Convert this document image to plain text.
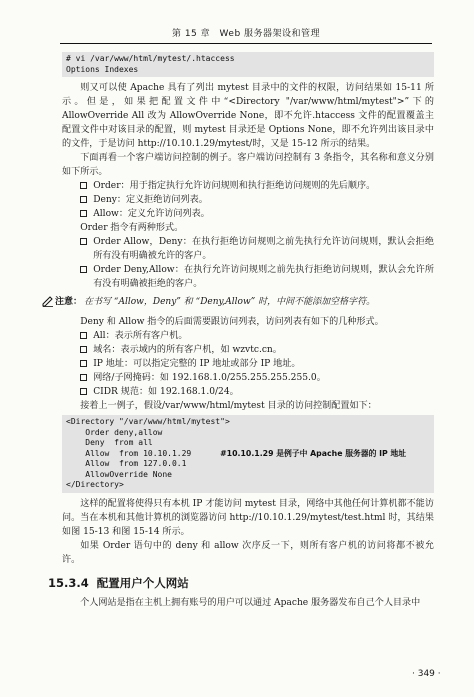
第 15 章 Web 服务器架设和管理
# vi /var/www/html/mytest/.htaccess
Options Indexes

则又可以使 Apache 具有了列出 mytest 目录中的文件的权限，访问结果如 15-11 所示。但是，如果把配置文件中“<Directory "/var/www/html/mytest">”下的 AllowOverride All 改为 AllowOverride None，即不允许.htaccess 文件的配置覆盖主配置文件中对该目录的配置，则 mytest 目录还是 Options None，即不允许列出该目录中的文件，于是访问 http://10.10.1.29/mytest/时，又是 15-12 所示的结果。

下面再看一个客户端访问控制的例子。客户端访问控制有 3 条指令，其名称和意义分别如下所示。

Order：用于指定执行允许访问规则和执行拒绝访问规则的先后顺序。
Deny：定义拒绝访问列表。
Allow：定义允许访问列表。

Order 指令有两种形式。

Order Allow，Deny：在执行拒绝访问规则之前先执行允许访问规则，默认会拒绝所有没有明确被允许的客户。
Order Deny,Allow：在执行允许访问规则之前先执行拒绝访问规则，默认会允许所有没有明确被拒绝的客户。
注意： 在书写 “Allow，Deny” 和 “Deny,Allow” 时，中间不能添加空格字符。

Deny 和 Allow 指令的后面需要跟访问列表，访问列表有如下的几种形式。

All：表示所有客户机。
域名：表示域内的所有客户机，如 wzvtc.cn。
IP 地址：可以指定完整的 IP 地址或部分 IP 地址。
网络/子网掩码：如 192.168.1.0/255.255.255.255.0。
CIDR 规范：如 192.168.1.0/24。

接着上一例子，假设/var/www/html/mytest 目录的访问控制配置如下：

<Directory "/var/www/html/mytest">
Order deny,allow
Deny  from all
Allow  from 10.10.1.29	#10.10.1.29 是例子中 Apache 服务器的 IP 地址
Allow  from 127.0.0.1
AllowOverride None
</Directory>

这样的配置将使得只有本机 IP 才能访问 mytest 目录，网络中其他任何计算机都不能访问。当在本机和其他计算机的浏览器访问 http://10.10.1.29/mytest/test.html 时，其结果如图 15-13 和图 15-14 所示。

如果 Order 语句中的 deny 和 allow 次序反一下，则所有客户机的访问将都不被允许。

15.3.4 配置用户个人网站

个人网站是指在主机上拥有账号的用户可以通过 Apache 服务器发布自己个人目录中

· 349 ·
